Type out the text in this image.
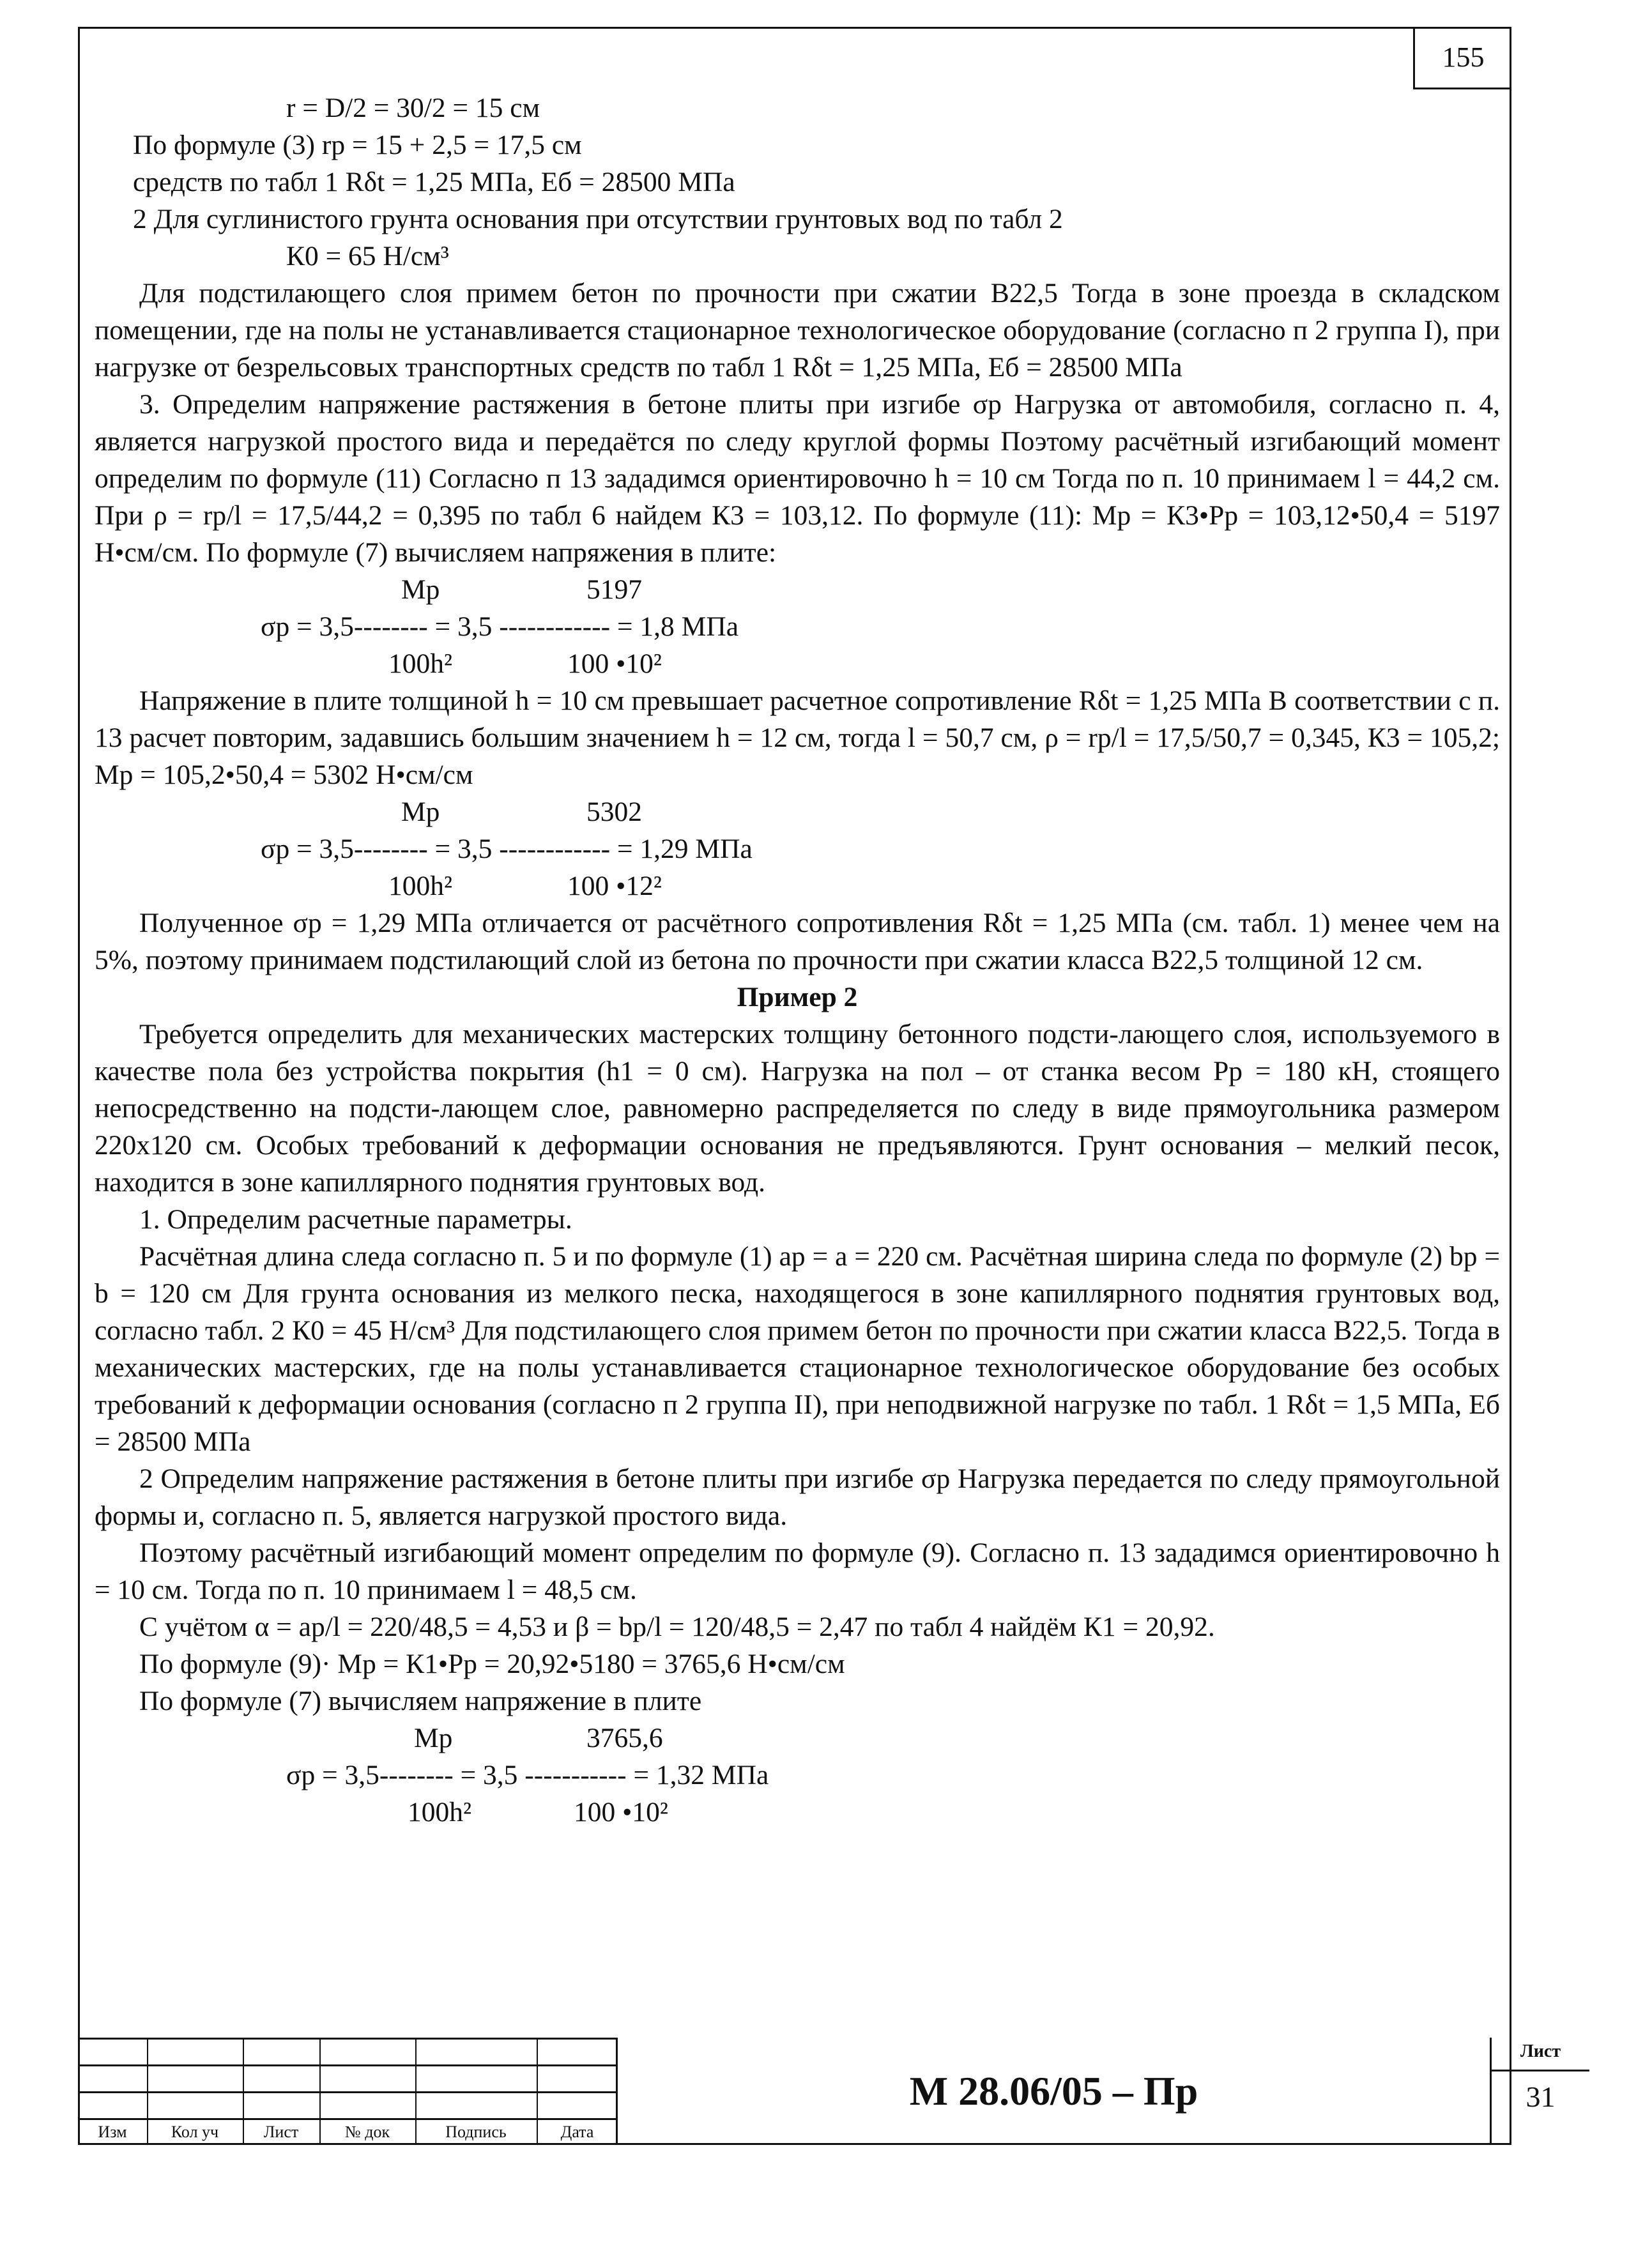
155

r = D/2 = 30/2 = 15 см

По формуле (3) rр = 15 + 2,5 = 17,5 см

средств по табл 1 Rδt = 1,25 МПа, Еб = 28500 МПа

2 Для суглинистого грунта основания при отсутствии грунтовых вод по табл 2

К0 = 65 Н/см³

Для подстилающего слоя примем бетон по прочности при сжатии В22,5 Тогда в зоне проезда в складском помещении, где на полы не устанавливается стационарное технологическое оборудование (согласно п 2 группа I), при нагрузке от безрельсовых транспортных средств по табл 1 Rδt = 1,25 МПа, Еб = 28500 МПа

3. Определим напряжение растяжения в бетоне плиты при изгибе σр Нагрузка от автомобиля, согласно п. 4, является нагрузкой простого вида и передаётся по следу круглой формы Поэтому расчётный изгибающий момент определим по формуле (11) Согласно п 13 зададимся ориентировочно h = 10 см Тогда по п. 10 принимаем l = 44,2 см. При ρ = rр/l = 17,5/44,2 = 0,395 по табл 6 найдем К3 = 103,12. По формуле (11): Мр = К3•Рр = 103,12•50,4 = 5197 Н•см/см. По формуле (7) вычисляем напряжения в плите:

Мр	5197
σр = 3,5-------- = 3,5 ------------ = 1,8 МПа
100h²	100 •10²

Напряжение в плите толщиной h = 10 см превышает расчетное сопротивление Rδt = 1,25 МПа В соответствии с п. 13 расчет повторим, задавшись большим значением h = 12 см, тогда l = 50,7 см, ρ = rр/l = 17,5/50,7 = 0,345, К3 = 105,2; Мр = 105,2•50,4 = 5302 Н•см/см

Мр	5302
σр = 3,5-------- = 3,5 ------------ = 1,29 МПа
100h²	100 •12²

Полученное σр = 1,29 МПа отличается от расчётного сопротивления Rδt = 1,25 МПа (см. табл. 1) менее чем на 5%, поэтому принимаем подстилающий слой из бетона по прочности при сжатии класса В22,5 толщиной 12 см.

Пример 2

Требуется определить для механических мастерских толщину бетонного подсти-лающего слоя, используемого в качестве пола без устройства покрытия (h1 = 0 см). Нагрузка на пол – от станка весом Рр = 180 кН, стоящего непосредственно на подсти-лающем слое, равномерно распределяется по следу в виде прямоугольника размером 220х120 см. Особых требований к деформации основания не предъявляются. Грунт основания – мелкий песок, находится в зоне капиллярного поднятия грунтовых вод.

1. Определим расчетные параметры.

Расчётная длина следа согласно п. 5 и по формуле (1) ар = а = 220 см. Расчётная ширина следа по формуле (2) bр = b = 120 см Для грунта основания из мелкого песка, находящегося в зоне капиллярного поднятия грунтовых вод, согласно табл. 2 К0 = 45 Н/см³ Для подстилающего слоя примем бетон по прочности при сжатии класса В22,5. Тогда в механических мастерских, где на полы устанавливается стационарное технологическое оборудование без особых требований к деформации основания (согласно п 2 группа II), при неподвижной нагрузке по табл. 1 Rδt = 1,5 МПа, Еб = 28500 МПа

2 Определим напряжение растяжения в бетоне плиты при изгибе σр Нагрузка передается по следу прямоугольной формы и, согласно п. 5, является нагрузкой простого вида.

Поэтому расчётный изгибающий момент определим по формуле (9). Согласно п. 13 зададимся ориентировочно h = 10 см. Тогда по п. 10 принимаем l = 48,5 см.

С учётом α = ар/l = 220/48,5 = 4,53 и β = bр/l = 120/48,5 = 2,47 по табл 4 найдём К1 = 20,92.

По формуле (9)· Мр = К1•Рр = 20,92•5180 = 3765,6 Н•см/см

По формуле (7) вычисляем напряжение в плите

Мр	3765,6
σр = 3,5-------- = 3,5 ----------- = 1,32 МПа
100h²	100 •10²
Изм	Кол уч	Лист	№ док	Подпись	Дата
М 28.06/05 – Пр
Лист
31
